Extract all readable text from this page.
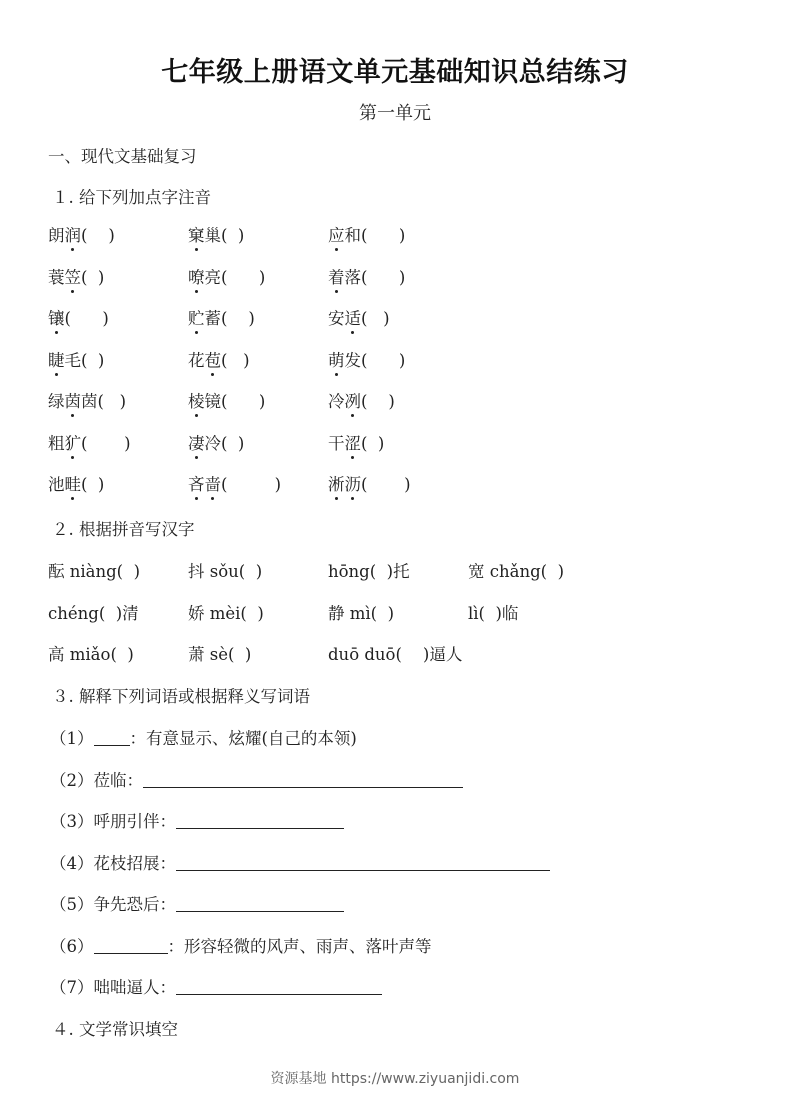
七年级上册语文单元基础知识总结练习
第一单元
一、现代文基础复习
１. 给下列加点字注音
朗润(    )	窠巢(  )	应和(      )
蓑笠(  )	嘹亮(      )	着落(      )
镶(      )	贮蓄(    )	安适(   )
睫毛(  )	花苞(   )	萌发(      )
绿茵茵(   )	棱镜(      )	冷冽(    )
粗犷(       )	凄冷(  )	干涩(  )
池畦(  )	吝啬(         )	淅沥(       )
２. 根据拼音写汉字
酝 niàng(  )	抖 sǒu(  )	hōng(  )托	宽 chǎng(  )
chéng(  )清	娇 mèi(  )	静 mì(  )	lì(  )临
高 miǎo(  )	萧 sè(  )	duō duō(    )逼人
３. 解释下列词语或根据释义写词语
（1） ：有意显示、炫耀(自己的本领)
（2）莅临：
（3）呼朋引伴：
（4）花枝招展：
（5）争先恐后：
（6）	：形容轻微的风声、雨声、落叶声等
（7）咄咄逼人：
４. 文学常识填空
资源基地 https://www.ziyuanjidi.com
